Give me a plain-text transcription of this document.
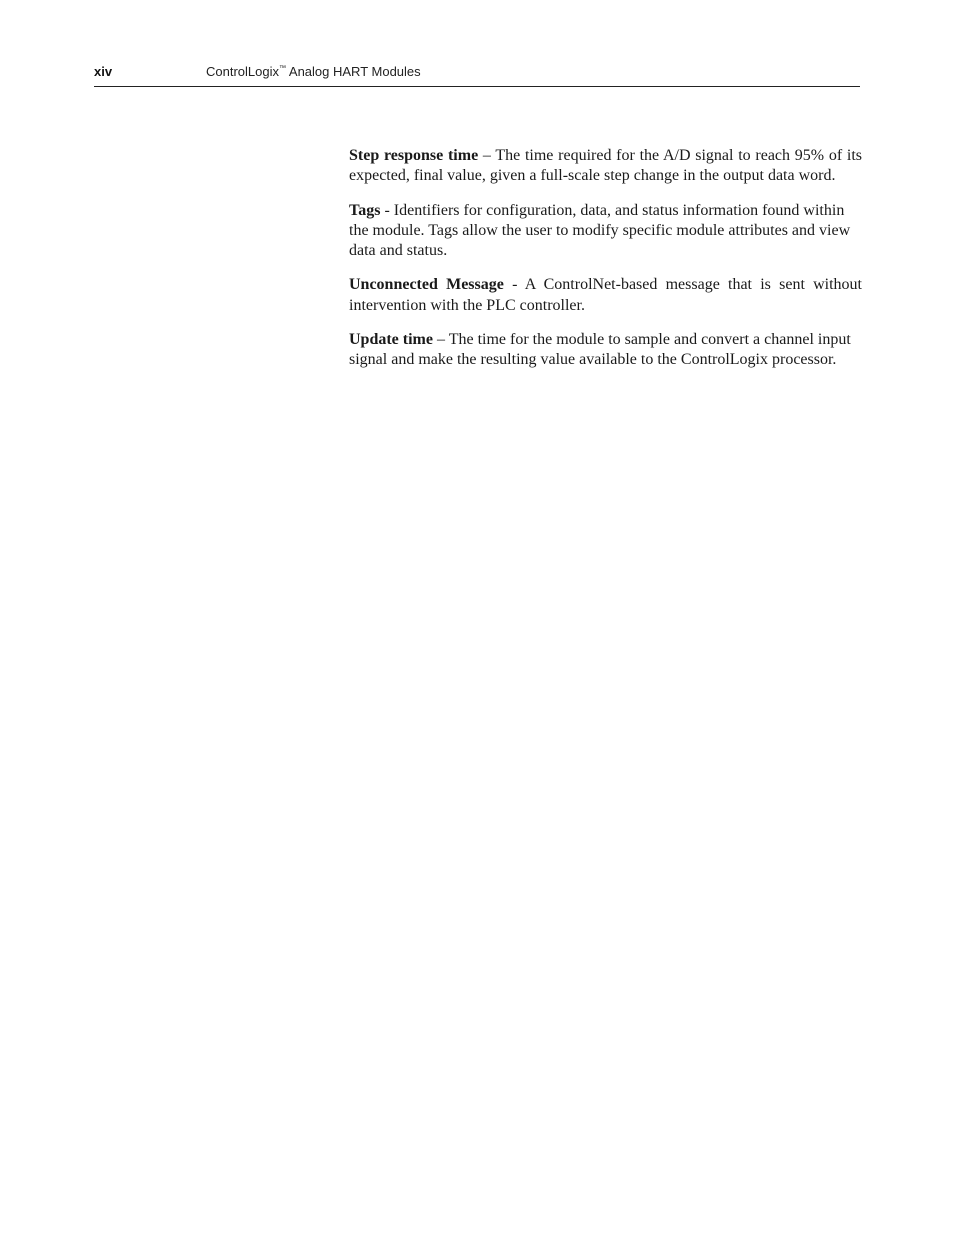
xiv	ControlLogix™ Analog HART Modules

Step response time – The time required for the A/D signal to reach 95% of its expected, final value, given a full-scale step change in the output data word.

Tags - Identifiers for configuration, data, and status information found within the module. Tags allow the user to modify specific module attributes and view data and status.

Unconnected Message - A ControlNet-based message that is sent without intervention with the PLC controller.

Update time – The time for the module to sample and convert a channel input signal and make the resulting value available to the ControlLogix processor.
